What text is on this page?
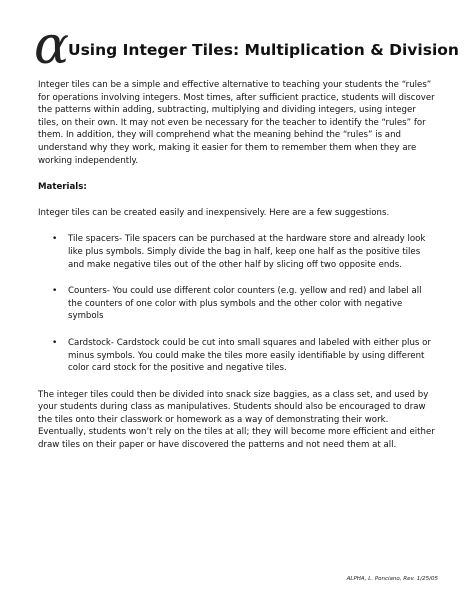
α
Using Integer Tiles: Multiplication & Division

Integer tiles can be a simple and effective alternative to teaching your students the “rules” for operations involving integers. Most times, after sufficient practice, students will discover the patterns within adding, subtracting, multiplying and dividing integers, using integer tiles, on their own. It may not even be necessary for the teacher to identify the “rules” for them. In addition, they will comprehend what the meaning behind the “rules” is and understand why they work, making it easier for them to remember them when they are working independently.

Materials:

Integer tiles can be created easily and inexpensively. Here are a few suggestions.

• Tile spacers- Tile spacers can be purchased at the hardware store and already look like plus symbols. Simply divide the bag in half, keep one half as the positive tiles and make negative tiles out of the other half by slicing off two opposite ends.
• Counters- You could use different color counters (e.g. yellow and red) and label all the counters of one color with plus symbols and the other color with negative symbols
• Cardstock- Cardstock could be cut into small squares and labeled with either plus or minus symbols. You could make the tiles more easily identifiable by using different color card stock for the positive and negative tiles.

The integer tiles could then be divided into snack size baggies, as a class set, and used by your students during class as manipulatives. Students should also be encouraged to draw the tiles onto their classwork or homework as a way of demonstrating their work. Eventually, students won’t rely on the tiles at all; they will become more efficient and either draw tiles on their paper or have discovered the patterns and not need them at all.

ALPHA, L. Ponciano, Rev. 1/25/05
